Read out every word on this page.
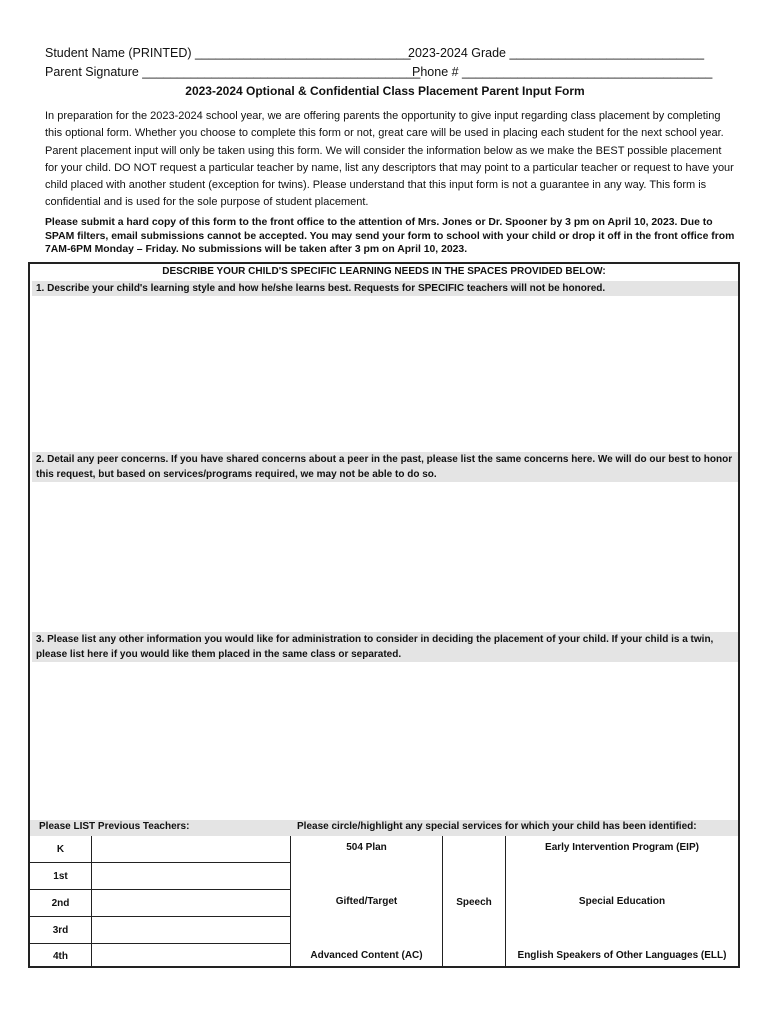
Student Name (PRINTED) _______________________________
2023-2024 Grade ____________________________
Parent Signature ________________________________________
Phone # ____________________________________
2023-2024 Optional & Confidential Class Placement Parent Input Form
In preparation for the 2023-2024 school year, we are offering parents the opportunity to give input regarding class placement by completing this optional form. Whether you choose to complete this form or not, great care will be used in placing each student for the next school year. Parent placement input will only be taken using this form. We will consider the information below as we make the BEST possible placement for your child. DO NOT request a particular teacher by name, list any descriptors that may point to a particular teacher or request to have your child placed with another student (exception for twins). Please understand that this input form is not a guarantee in any way. This form is confidential and is used for the sole purpose of student placement.
Please submit a hard copy of this form to the front office to the attention of Mrs. Jones or Dr. Spooner by 3 pm on April 10, 2023. Due to SPAM filters, email submissions cannot be accepted. You may send your form to school with your child or drop it off in the front office from 7AM-6PM Monday – Friday. No submissions will be taken after 3 pm on April 10, 2023.
DESCRIBE YOUR CHILD'S SPECIFIC LEARNING NEEDS IN THE SPACES PROVIDED BELOW:
1. Describe your child's learning style and how he/she learns best. Requests for SPECIFIC teachers will not be honored.
2. Detail any peer concerns. If you have shared concerns about a peer in the past, please list the same concerns here. We will do our best to honor this request, but based on services/programs required, we may not be able to do so.
3. Please list any other information you would like for administration to consider in deciding the placement of your child. If your child is a twin, please list here if you would like them placed in the same class or separated.
Please LIST Previous Teachers:	Please circle/highlight any special services for which your child has been identified:
K
1st
2nd
3rd
4th
504 Plan
Gifted/Target
Advanced Content (AC)
Speech
Early Intervention Program (EIP)
Special Education
English Speakers of Other Languages (ELL)
